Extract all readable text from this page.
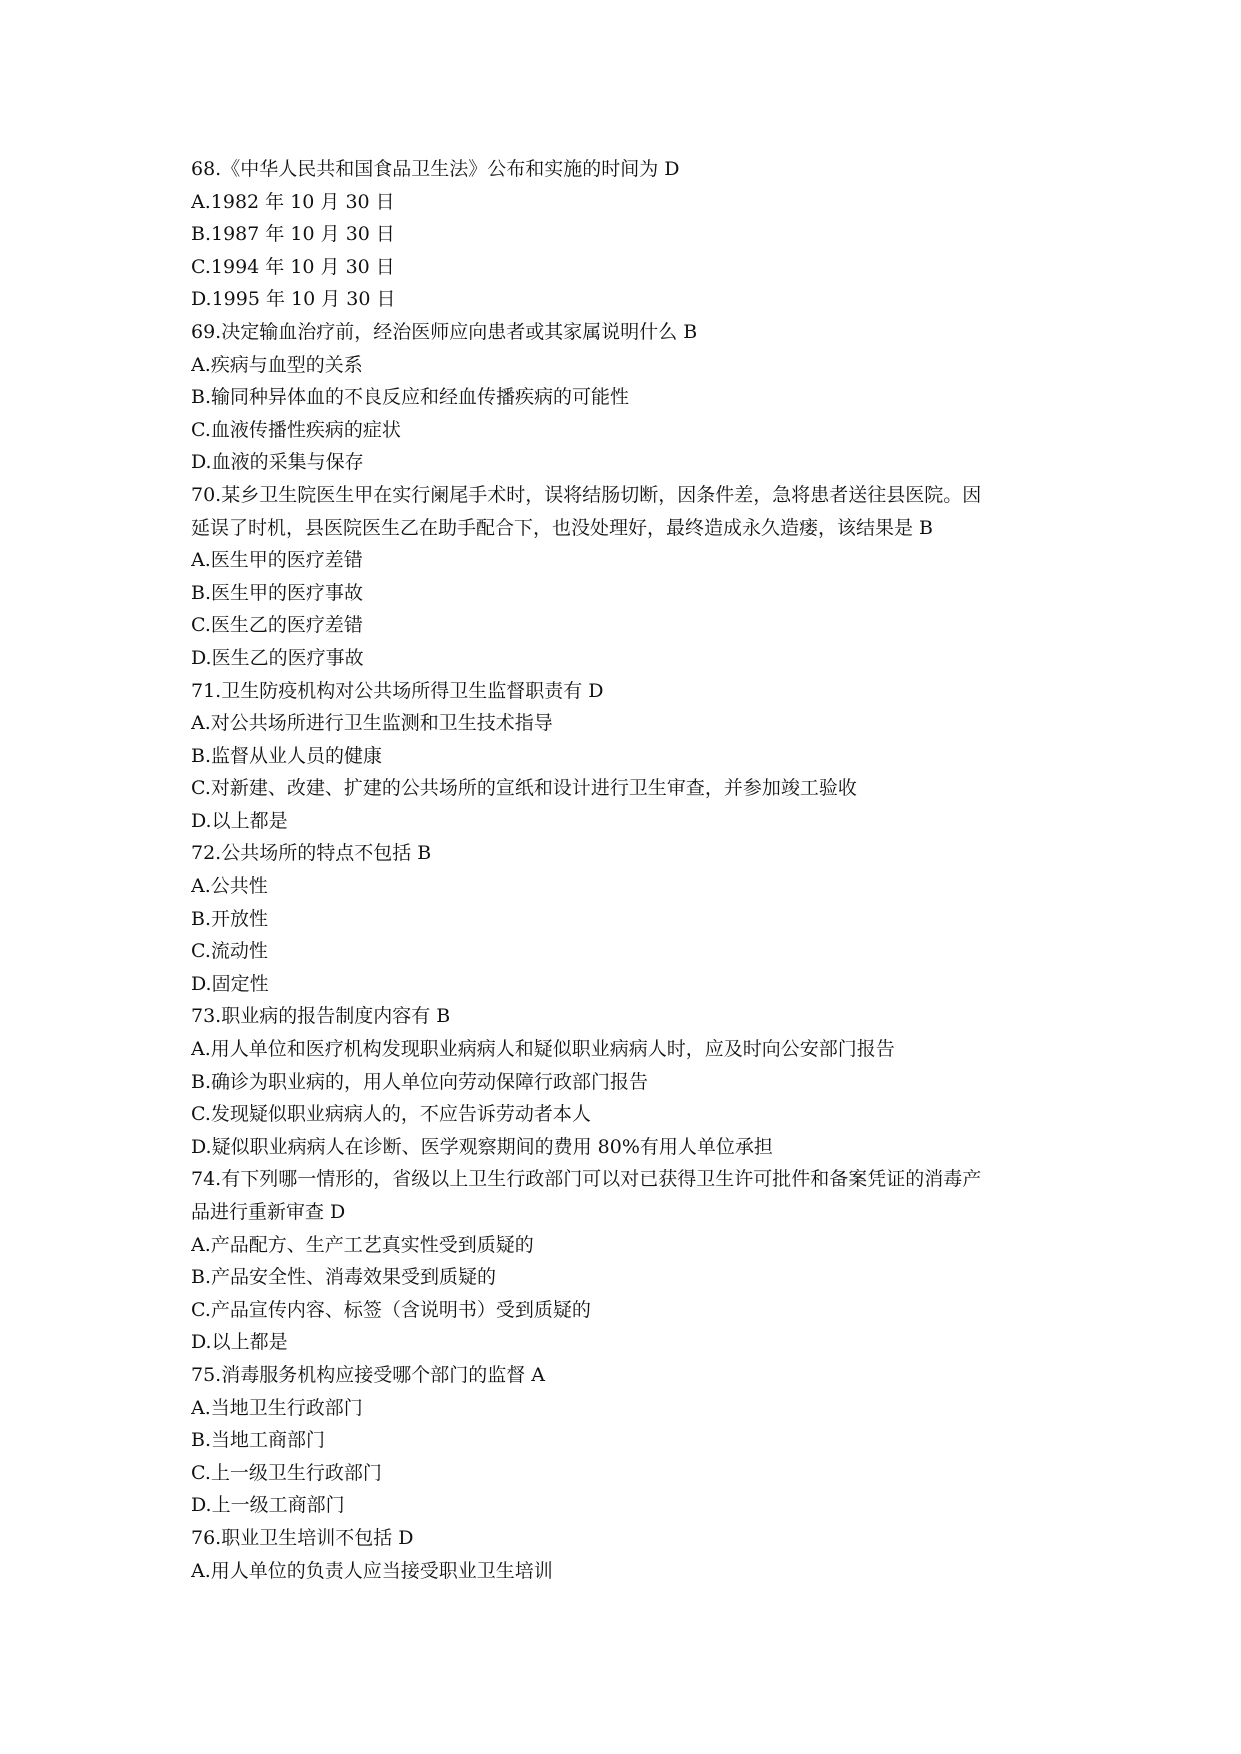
68.《中华人民共和国食品卫生法》公布和实施的时间为 D
A.1982 年 10 月 30 日
B.1987 年 10 月 30 日
C.1994 年 10 月 30 日
D.1995 年 10 月 30 日
69.决定输血治疗前，经治医师应向患者或其家属说明什么 B
A.疾病与血型的关系
B.输同种异体血的不良反应和经血传播疾病的可能性
C.血液传播性疾病的症状
D.血液的采集与保存
70.某乡卫生院医生甲在实行阑尾手术时，误将结肠切断，因条件差，急将患者送往县医院。因
延误了时机，县医院医生乙在助手配合下，也没处理好，最终造成永久造瘘，该结果是 B
A.医生甲的医疗差错
B.医生甲的医疗事故
C.医生乙的医疗差错
D.医生乙的医疗事故
71.卫生防疫机构对公共场所得卫生监督职责有 D
A.对公共场所进行卫生监测和卫生技术指导
B.监督从业人员的健康
C.对新建、改建、扩建的公共场所的宣纸和设计进行卫生审查，并参加竣工验收
D.以上都是
72.公共场所的特点不包括 B
A.公共性
B.开放性
C.流动性
D.固定性
73.职业病的报告制度内容有 B
A.用人单位和医疗机构发现职业病病人和疑似职业病病人时，应及时向公安部门报告
B.确诊为职业病的，用人单位向劳动保障行政部门报告
C.发现疑似职业病病人的，不应告诉劳动者本人
D.疑似职业病病人在诊断、医学观察期间的费用 80%有用人单位承担
74.有下列哪一情形的，省级以上卫生行政部门可以对已获得卫生许可批件和备案凭证的消毒产
品进行重新审查 D
A.产品配方、生产工艺真实性受到质疑的
B.产品安全性、消毒效果受到质疑的
C.产品宣传内容、标签（含说明书）受到质疑的
D.以上都是
75.消毒服务机构应接受哪个部门的监督 A
A.当地卫生行政部门
B.当地工商部门
C.上一级卫生行政部门
D.上一级工商部门
76.职业卫生培训不包括 D
A.用人单位的负责人应当接受职业卫生培训
